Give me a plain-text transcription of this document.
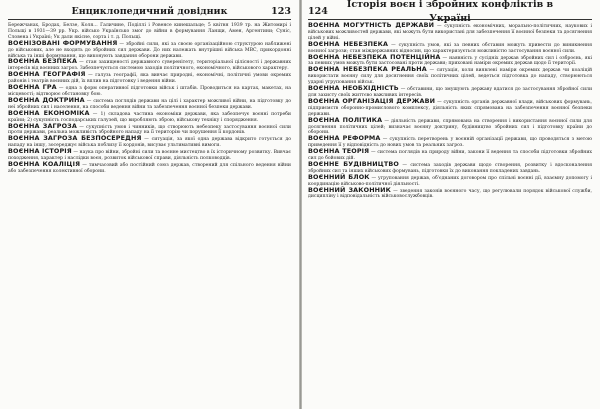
Енциклопедичний довідник	123

Бережчанах, Бродах, Белзе, Коля... Галичине, Поділлі і Ровенсе кинешальце; 5 квітня 1939 тр. на Житомирі і Польщі в 1931—39 рр. Укр. військо Українсько змог до війни в формування Ланщи, Амен, Аргентини; Суніс, Словена і Україні; Ук дали якісне, сорта і т. д. Польщі.

ВОЄНІЗОВАНІ ФОРМУВАННЯ — збройні сили, які за своєю організаційною структурою наближені до військових, але не входять до збройних сил держави. До них належать внутрішні війська МВС, прикордонні війська та інші формування, що виконують завдання оборони держави.

ВОЄННА БЕЗПЕКА — стан захищеності державного суверенітету, територіальної цілісності і державних інтересів від воєнних загроз. Забезпечується системою заходів політичного, економічного, військового характеру.

ВОЄННА ГЕОГРАФІЯ — галузь географії, яка вивчає природні, економічні, політичні умови окремих районів і театрів воєнних дій, їх вплив на підготовку і ведення війни.

ВОЄННА ГРА — одна з форм оперативної підготовки військ і штабів. Проводиться на картах, макетах, на місцевості; відтворює обстановку бою.

ВОЄННА ДОКТРИНА — система поглядів держави на цілі і характер можливої війни, на підготовку до неї збройних сил і населення, на способи ведення війни та забезпечення воєнної безпеки держави.

ВОЄННА ЕКОНОМІКА — 1) складова частина економіки держави, яка забезпечує воєнні потреби країни; 2) сукупність господарських галузей, що виробляють зброю, військову техніку і спорядження.

ВОЄННА ЗАГРОЗА — сукупність умов і чинників, що створюють небезпеку застосування воєнної сили проти держави, реальна можливість збройного нападу на її територію чи порушення її кордонів.

ВОЄННА ЗАГРОЗА БЕЗПОСЕРЕДНЯ — ситуація, за якої одна держава відкрито готується до нападу на іншу, зосереджує війська поблизу її кордонів, висуває ультимативні вимоги.

ВОЄННА ІСТОРІЯ — наука про війни, збройні сили та воєнне мистецтво в їх історичному розвитку. Вивчає походження, характер і наслідки воєн, розвиток військової справи, діяльність полководців.

ВОЄННА КОАЛІЦІЯ — тимчасовий або постійний союз держав, створений для спільного ведення війни або забезпечення колективної оборони.

124
Історія воєн і збройних конфліктів в Україні

ВОЄННА МОГУТНІСТЬ ДЕРЖАВИ — сукупність економічних, морально-політичних, наукових і військових можливостей держави, які можуть бути використані для забезпечення її воєнної безпеки та досягнення цілей у війні.

ВОЄННА НЕБЕЗПЕКА — сукупність умов, які за певних обставин можуть привести до виникнення воєнної загрози; стан міждержавних відносин, що характеризується можливістю застосування воєнної сили.

ВОЄННА НЕБЕЗПЕКА ПОТЕНЦІЙНА — наявність у сусідніх держав збройних сил і озброєнь, які за певних умов можуть бути застосовані проти держави; приховані наміри окремих держав щодо її території.

ВОЄННА НЕБЕЗПЕКА РЕАЛЬНА — ситуація, коли виявлені наміри окремих держав чи коаліцій використати воєнну силу для досягнення своїх політичних цілей, ведеться підготовка до нападу, створюються ударні угруповання військ.

ВОЄННА НЕОБХІДНІСТЬ — обставини, що змушують державу вдатися до застосування збройної сили для захисту своїх життєво важливих інтересів.

ВОЄННА ОРГАНІЗАЦІЯ ДЕРЖАВИ — сукупність органів державної влади, військових формувань, підприємств оборонно-промислового комплексу, діяльність яких спрямована на забезпечення воєнної безпеки держави.

ВОЄННА ПОЛІТИКА — діяльність держави, спрямована на створення і використання воєнної сили для досягнення політичних цілей; визначає воєнну доктрину, будівництво збройних сил і підготовку країни до оборони.

ВОЄННА РЕФОРМА — сукупність перетворень у воєнній організації держави, що проводяться з метою приведення її у відповідність до нових умов та реальних загроз.

ВОЄННА ТЕОРІЯ — система поглядів на природу війни, закони її ведення та способи підготовки збройних сил до бойових дій.

ВОЄННЕ БУДІВНИЦТВО — система заходів держави щодо створення, розвитку і вдосконалення збройних сил та інших військових формувань, підготовки їх до виконання покладених завдань.

ВОЄННИЙ БЛОК — угруповання держав, об'єднаних договором про спільні воєнні дії, взаємну допомогу і координацію військово-політичної діяльності.

ВОЄННИЙ ЗАКОННИК — зведення законів воєнного часу, що регулювали порядок військової служби, дисципліну і відповідальність військовослужбовців.
